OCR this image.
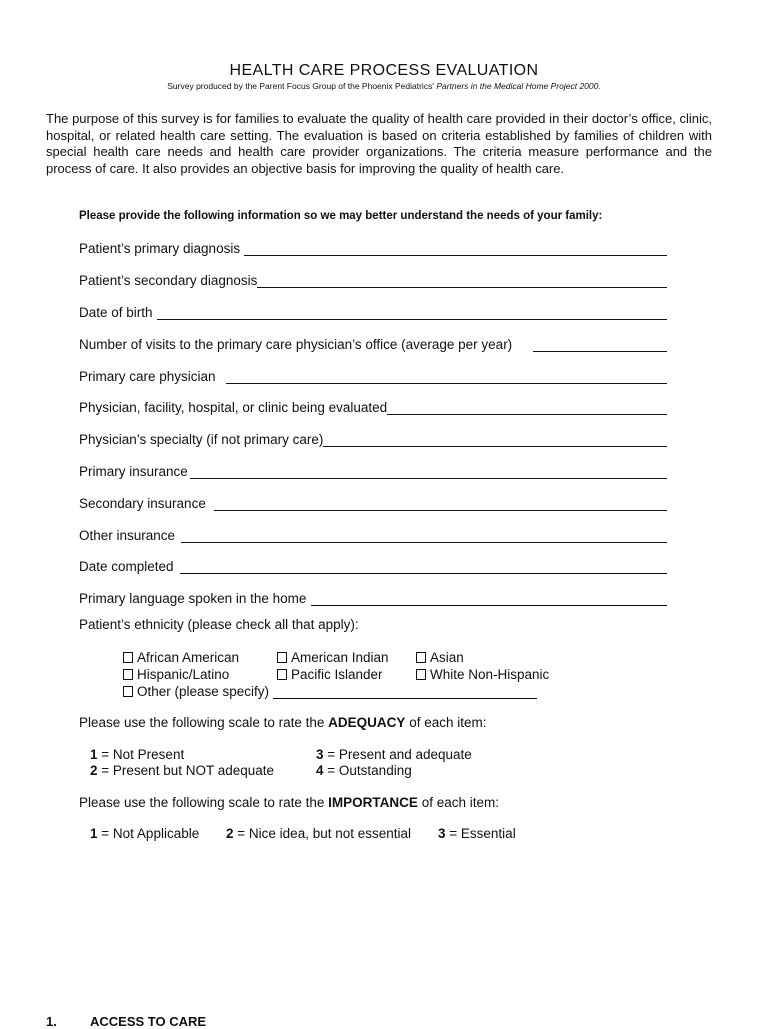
HEALTH CARE PROCESS EVALUATION
Survey produced by the Parent Focus Group of the Phoenix Pediatrics' Partners in the Medical Home Project 2000.
The purpose of this survey is for families to evaluate the quality of health care provided in their doctor’s office, clinic, hospital, or related health care setting. The evaluation is based on criteria established by families of children with special health care needs and health care provider organizations. The criteria measure performance and the process of care. It also provides an objective basis for improving the quality of health care.
Please provide the following information so we may better understand the needs of your family:
Patient’s primary diagnosis
Patient’s secondary diagnosis
Date of birth
Number of visits to the primary care physician’s office (average per year)
Primary care physician
Physician, facility, hospital, or clinic being evaluated
Physician’s specialty (if not primary care)
Primary insurance
Secondary insurance
Other insurance
Date completed
Primary language spoken in the home
Patient’s ethnicity (please check all that apply):
African American	American Indian	Asian
Hispanic/Latino	Pacific Islander	White Non-Hispanic
Other (please specify)
Please use the following scale to rate the ADEQUACY of each item:
1 = Not Present	3 = Present and adequate
2 = Present but NOT adequate	4 = Outstanding
Please use the following scale to rate the IMPORTANCE of each item:
1 = Not Applicable 2 = Nice idea, but not essential 3 = Essential
1.	ACCESS TO CARE
